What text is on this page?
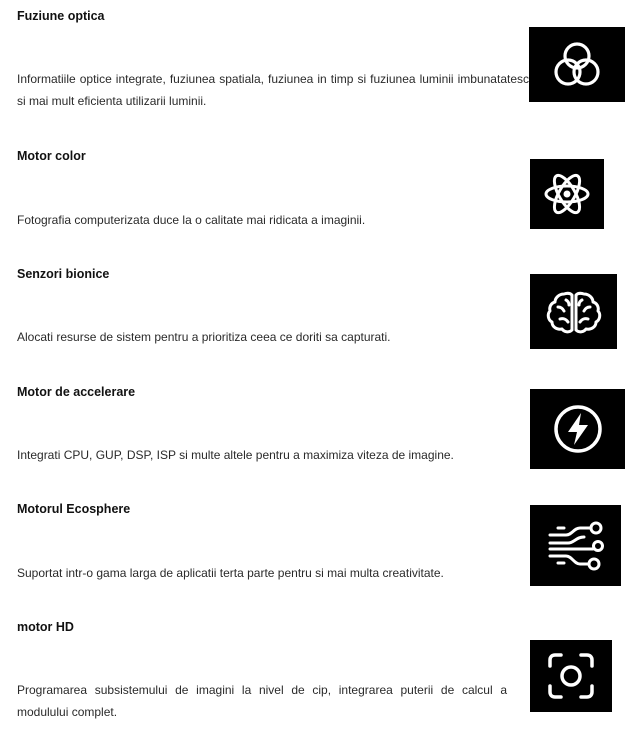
Fuziune optica
Informatiile optice integrate, fuziunea spatiala, fuziunea in timp si fuziunea luminii imbunatatesc si mai mult eficienta utilizarii luminii.
Motor color
Fotografia computerizata duce la o calitate mai ridicata a imaginii.
Senzori bionice
Alocati resurse de sistem pentru a prioritiza ceea ce doriti sa capturati.
Motor de accelerare
Integrati CPU, GUP, DSP, ISP si multe altele pentru a maximiza viteza de imagine.
Motorul Ecosphere
Suportat intr-o gama larga de aplicatii terta parte pentru si mai multa creativitate.
motor HD
Programarea subsistemului de imagini la nivel de cip, integrarea puterii de calcul a modulului complet.
